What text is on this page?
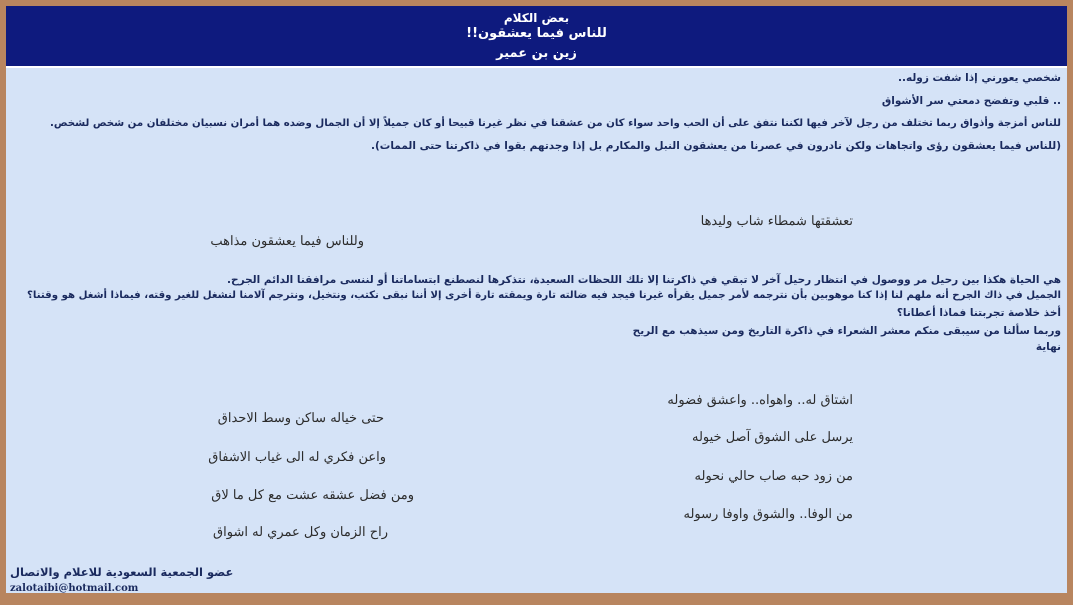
بعض الكلام
للناس فيما يعشقون!!
زين بن عمير
شخصي يعورني إذا شفت زوله..
.. قلبي وتفضح دمعتي سر الأشواق
للناس أمزجة وأذواق ربما تختلف من رجل لآخر فيها لكننا نتفق على أن الحب واحد سواء كان من عشقنا في نظر غيرنا قبيحا أو كان جميلاً إلا أن الجمال وضده هما أمران نسبيان مختلفان من شخص لشخص.
(للناس فيما يعشقون رؤى واتجاهات ولكن نادرون في عصرنا من يعشقون النبل والمكارم بل إذا وجدتهم بقوا في ذاكرتنا حتى الممات).
تعشقتها شمطاء شاب وليدها
وللناس فيما يعشقون مذاهب
هي الحياة هكذا بين رحيل مر ووصول في انتظار رحيل آخر لا تبقي في ذاكرتنا إلا تلك اللحظات السعيدة، نتذكرها لنصطنع ابتساماتنا أو لننسى مرافقنا الدائم الجرح.
الجميل في ذاك الجرح أنه ملهم لنا إذا كنا موهوبين بأن نترجمه لأمر جميل يقرأه غيرنا فيجد فيه ضالته تارة ويمقته تارة أخرى إلا أننا نبقى نكتب، ونتخيل، ونترجم آلامنا لنشغل للغير وقته، فيماذا أشغل هو وقتنا؟
أخذ خلاصة تجربتنا فماذا أعطانا؟
وربما سألنا من سيبقى منكم معشر الشعراء في ذاكرة التاريخ ومن سيذهب مع الريح
نهاية
اشتاق له.. واهواه.. واعشق فضوله
يرسل على الشوق آصل خيوله
من زود حبه صاب حالي نحوله
من الوفا.. والشوق واوفا رسوله
حتى خياله ساكن وسط الاحداق
واعن فكري له الى غياب الاشفاق
ومن فضل عشقه عشت مع كل ما لاق
راح الزمان وكل عمري له اشواق
عضو الجمعية السعودية للاعلام والاتصال
zalotaibi@hotmail.com
